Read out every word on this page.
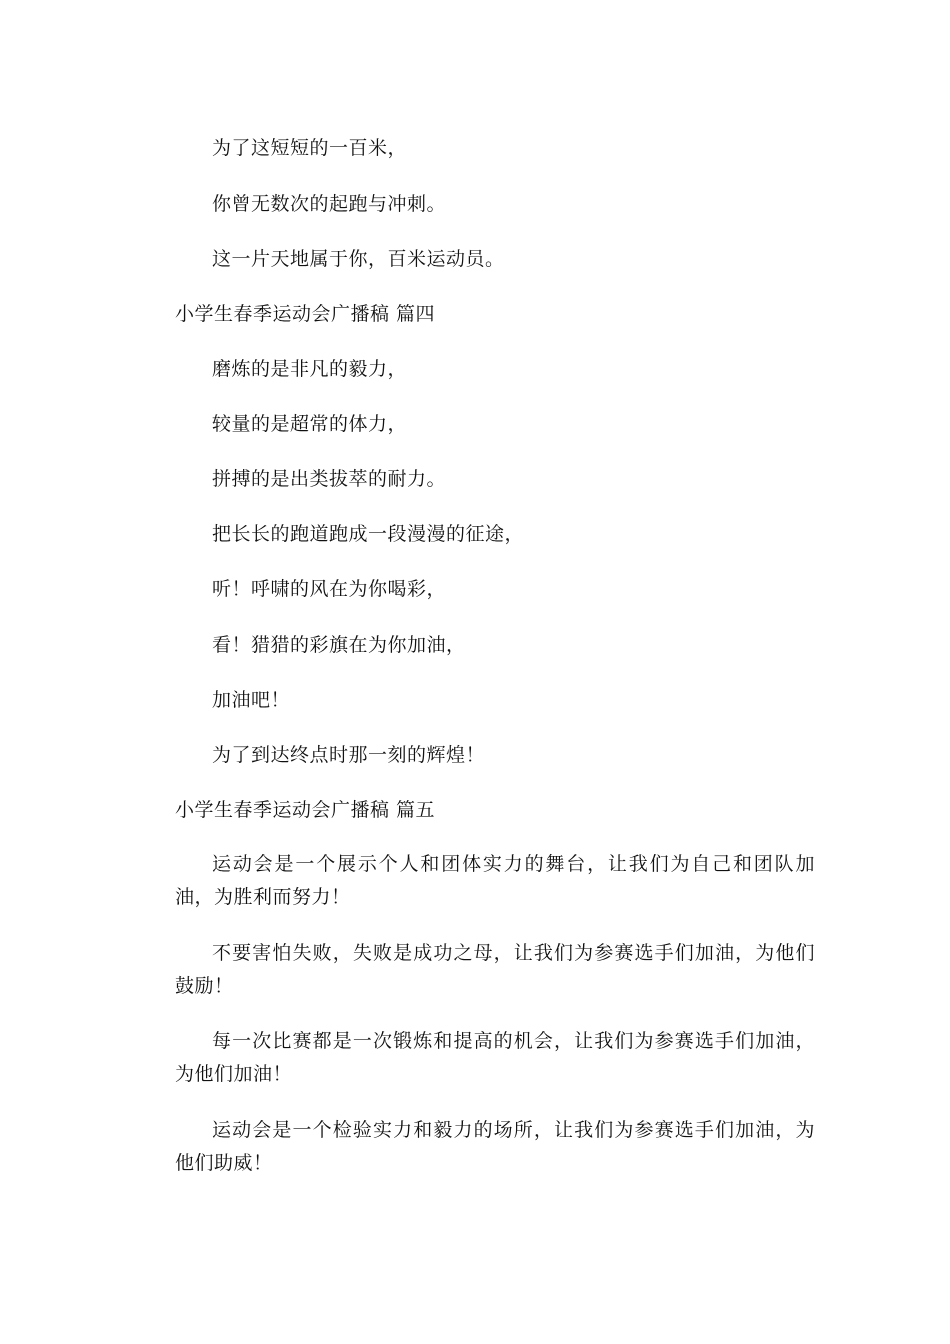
为了这短短的一百米，
你曾无数次的起跑与冲刺。
这一片天地属于你，百米运动员。
小学生春季运动会广播稿 篇四
磨炼的是非凡的毅力，
较量的是超常的体力，
拼搏的是出类拔萃的耐力。
把长长的跑道跑成一段漫漫的征途，
听！呼啸的风在为你喝彩，
看！猎猎的彩旗在为你加油，
加油吧！
为了到达终点时那一刻的辉煌！
小学生春季运动会广播稿 篇五
运动会是一个展示个人和团体实力的舞台，让我们为自己和团队加油，为胜利而努力！
不要害怕失败，失败是成功之母，让我们为参赛选手们加油，为他们鼓励！
每一次比赛都是一次锻炼和提高的机会，让我们为参赛选手们加油，为他们加油！
运动会是一个检验实力和毅力的场所，让我们为参赛选手们加油，为他们助威！
